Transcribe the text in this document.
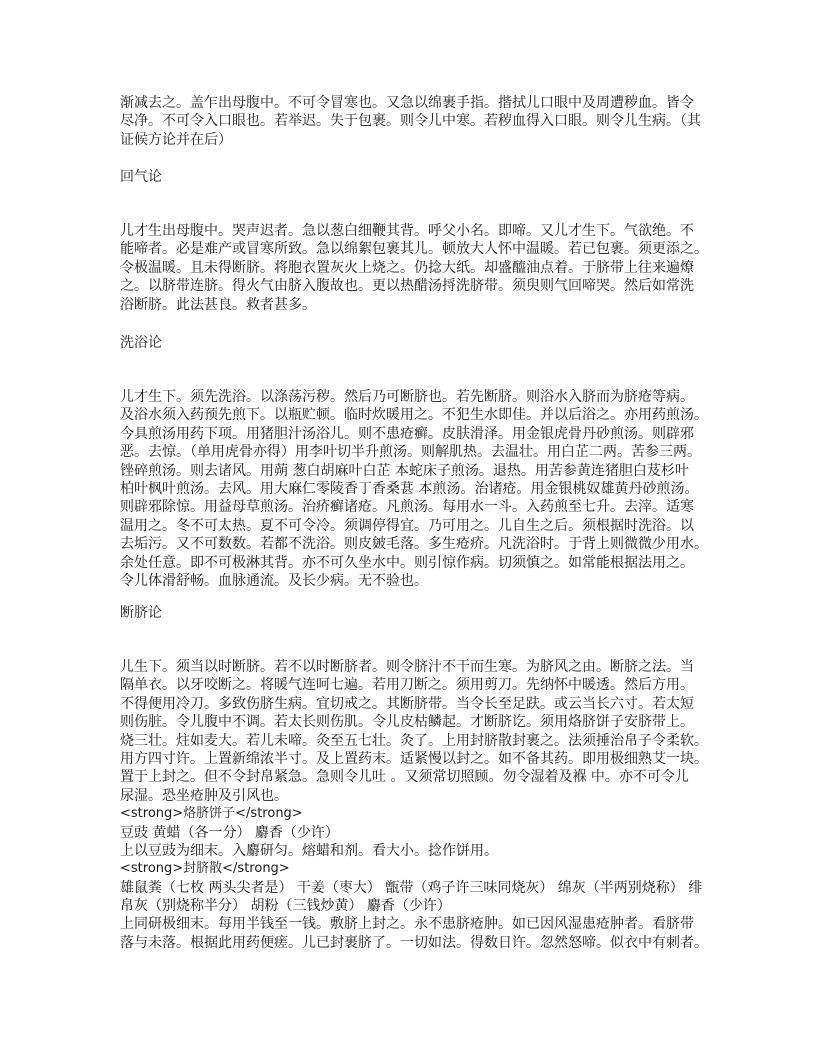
渐减去之。盖乍出母腹中。不可令冒寒也。又急以绵裹手指。揩拭儿口眼中及周遭秽血。皆令
尽净。不可令入口眼也。若举迟。失于包裹。则令儿中寒。若秽血得入口眼。则令儿生病。（其
证候方论并在后）
回气论
儿才生出母腹中。哭声迟者。急以葱白细鞭其背。呼父小名。即啼。又儿才生下。气欲绝。不
能啼者。必是难产或冒寒所致。急以绵絮包裹其儿。顿放大人怀中温暖。若已包裹。须更添之。
令极温暖。且未得断脐。将胞衣置灰火上烧之。仍捻大纸。却盛醯油点着。于脐带上往来遍燎
之。以脐带连脐。得火气由脐入腹故也。更以热醋汤捋洗脐带。须臾则气回啼哭。然后如常洗
浴断脐。此法甚良。救者甚多。
洗浴论
儿才生下。须先洗浴。以涤荡污秽。然后乃可断脐也。若先断脐。则浴水入脐而为脐疮等病。
及浴水须入药预先煎下。以瓶贮顿。临时炊暖用之。不犯生水即佳。并以后浴之。亦用药煎汤。
今具煎汤用药下项。用猪胆汁汤浴儿。则不患疮癣。皮肤滑泽。用金银虎骨丹砂煎汤。则辟邪
恶。去惊。（单用虎骨亦得）用李叶切半升煎汤。则解肌热。去温壮。用白芷二两。苦参三两。
锉碎煎汤。则去诸风。用蒴 葱白胡麻叶白芷 本蛇床子煎汤。退热。用苦参黄连猪胆白芨杉叶
柏叶枫叶煎汤。去风。用大麻仁零陵香丁香桑葚 本煎汤。治诸疮。用金银桃奴雄黄丹砂煎汤。
则辟邪除惊。用益母草煎汤。治疥癣诸疮。凡煎汤。每用水一斗。入药煎至七升。去滓。适寒
温用之。冬不可太热。夏不可令冷。须调停得宜。乃可用之。儿自生之后。须根据时洗浴。以
去垢污。又不可数数。若都不洗浴。则皮皴毛落。多生疮疥。凡洗浴时。于背上则微微少用水。
余处任意。即不可极淋其背。亦不可久坐水中。则引惊作病。切须慎之。如常能根据法用之。
令儿体滑舒畅。血脉通流。及长少病。无不验也。
断脐论
儿生下。须当以时断脐。若不以时断脐者。则令脐汁不干而生寒。为脐风之由。断脐之法。当
隔单衣。以牙咬断之。将暖气连呵七遍。若用刀断之。须用剪刀。先纳怀中暖透。然后方用。
不得便用冷刀。多致伤脐生病。宜切戒之。其断脐带。当令长至足趺。或云当长六寸。若太短
则伤脏。令儿腹中不调。若太长则伤肌。令儿皮枯鳞起。才断脐讫。须用烙脐饼子安脐带上。
烧三壮。炷如麦大。若儿未啼。灸至五七壮。灸了。上用封脐散封裹之。法须捶治帛子令柔软。
用方四寸许。上置新绵浓半寸。及上置药末。适紧慢以封之。如不备其药。即用极细熟艾一块。
置于上封之。但不令封帛紧急。急则令儿吐 。又须常切照顾。勿令湿着及褓 中。亦不可令儿
尿湿。恐坐疮肿及引风也。
<strong>烙脐饼子</strong>
豆豉 黄蜡（各一分） 麝香（少许）
上以豆豉为细末。入麝研匀。熔蜡和剂。看大小。捻作饼用。
<strong>封脐散</strong>
雄鼠粪（七枚 两头尖者是） 干姜（枣大） 甑带（鸡子许三味同烧灰） 绵灰（半两别烧称） 绯
帛灰（别烧称半分） 胡粉（三钱炒黄） 麝香（少许）
上同研极细末。每用半钱至一钱。敷脐上封之。永不患脐疮肿。如已因风湿患疮肿者。看脐带
落与未落。根据此用药便瘥。儿已封裹脐了。一切如法。得数日许。忽然怒啼。似衣中有刺者。
